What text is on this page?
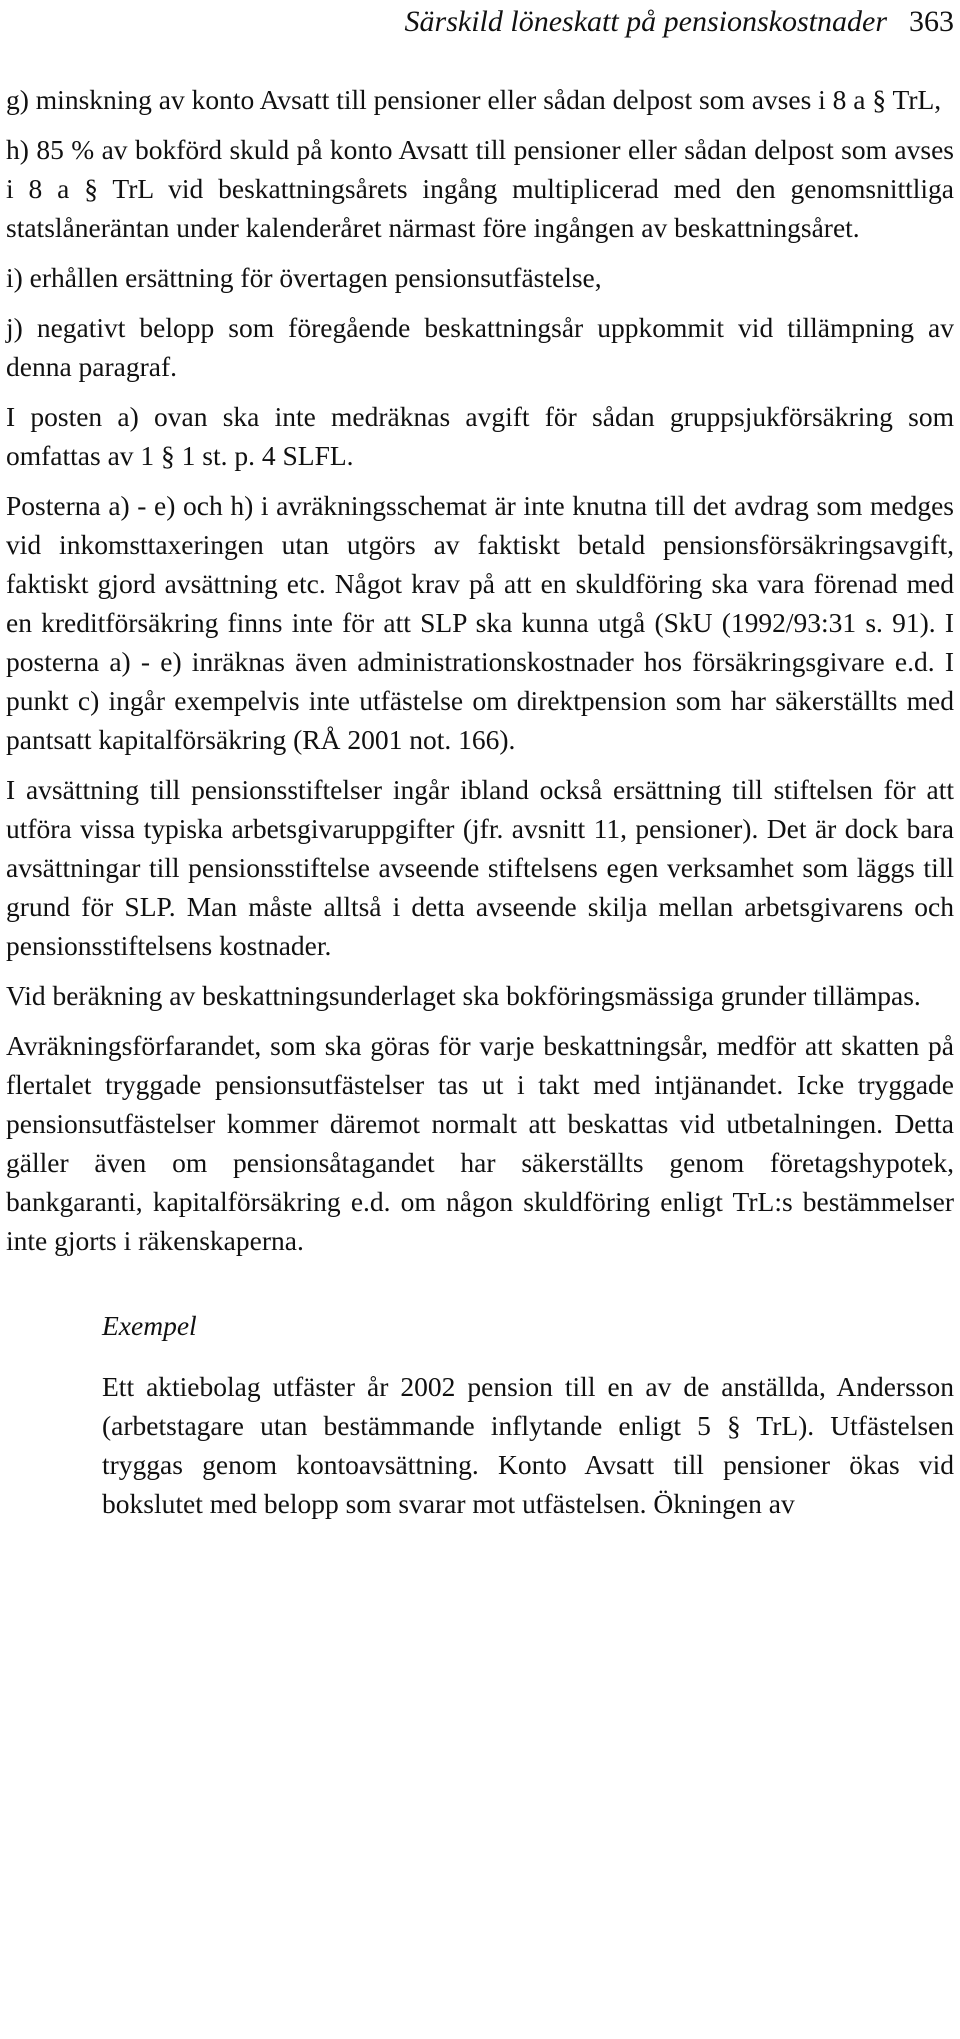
Särskild löneskatt på pensionskostnader 363

g) minskning av konto Avsatt till pensioner eller sådan delpost som avses i 8 a § TrL,

h) 85 % av bokförd skuld på konto Avsatt till pensioner eller sådan delpost som avses i 8 a § TrL vid beskattningsårets ingång multiplicerad med den genomsnittliga statslåneräntan under kalenderåret närmast före ingången av beskattningsåret.

i) erhållen ersättning för övertagen pensionsutfästelse,

j) negativt belopp som föregående beskattningsår uppkommit vid tillämpning av denna paragraf.

I posten a) ovan ska inte medräknas avgift för sådan gruppsjukförsäkring som omfattas av 1 § 1 st. p. 4 SLFL.

Posterna a) - e) och h) i avräkningsschemat är inte knutna till det avdrag som medges vid inkomsttaxeringen utan utgörs av faktiskt betald pensionsförsäkringsavgift, faktiskt gjord avsättning etc. Något krav på att en skuldföring ska vara förenad med en kreditförsäkring finns inte för att SLP ska kunna utgå (SkU (1992/93:31 s. 91). I posterna a) - e) inräknas även administrationskostnader hos försäkringsgivare e.d. I punkt c) ingår exempelvis inte utfästelse om direktpension som har säkerställts med pantsatt kapitalförsäkring (RÅ 2001 not. 166).

I avsättning till pensionsstiftelser ingår ibland också ersättning till stiftelsen för att utföra vissa typiska arbetsgivaruppgifter (jfr. avsnitt 11, pensioner). Det är dock bara avsättningar till pensionsstiftelse avseende stiftelsens egen verksamhet som läggs till grund för SLP. Man måste alltså i detta avseende skilja mellan arbetsgivarens och pensionsstiftelsens kostnader.

Vid beräkning av beskattningsunderlaget ska bokföringsmässiga grunder tillämpas.

Avräkningsförfarandet, som ska göras för varje beskattningsår, medför att skatten på flertalet tryggade pensionsutfästelser tas ut i takt med intjänandet. Icke tryggade pensionsutfästelser kommer däremot normalt att beskattas vid utbetalningen. Detta gäller även om pensionsåtagandet har säkerställts genom företagshypotek, bankgaranti, kapitalförsäkring e.d. om någon skuldföring enligt TrL:s bestämmelser inte gjorts i räkenskaperna.

Exempel

Ett aktiebolag utfäster år 2002 pension till en av de anställda, Andersson (arbetstagare utan bestämmande inflytande enligt 5 § TrL). Utfästelsen tryggas genom kontoavsättning. Konto Avsatt till pensioner ökas vid bokslutet med belopp som svarar mot utfästelsen. Ökningen av
